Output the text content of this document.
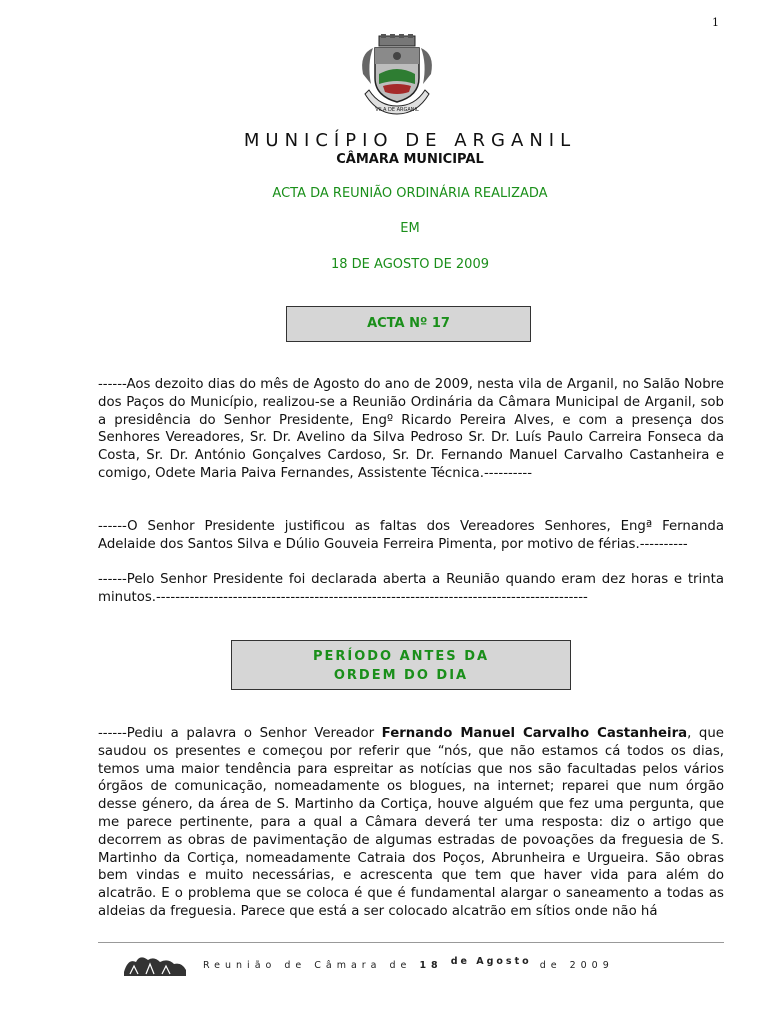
1
VILA DE ARGANIL
MUNICÍPIO DE ARGANIL
CÂMARA MUNICIPAL
ACTA DA REUNIÃO ORDINÁRIA REALIZADA
EM
18 DE AGOSTO DE 2009
ACTA Nº 17
------Aos dezoito dias do mês de Agosto do ano de 2009, nesta vila de Arganil, no Salão Nobre dos Paços do Município, realizou-se a Reunião Ordinária da Câmara Municipal de Arganil, sob a presidência do Senhor Presidente, Engº Ricardo Pereira Alves, e com a presença dos Senhores Vereadores, Sr. Dr. Avelino da Silva Pedroso Sr. Dr. Luís Paulo Carreira Fonseca da Costa, Sr. Dr. António Gonçalves Cardoso, Sr. Dr. Fernando Manuel Carvalho Castanheira e comigo, Odete Maria Paiva Fernandes, Assistente Técnica.----------
------O Senhor Presidente justificou as faltas dos Vereadores Senhores, Engª Fernanda Adelaide dos Santos Silva e Dúlio Gouveia Ferreira Pimenta, por motivo de férias.----------
------Pelo Senhor Presidente foi declarada aberta a Reunião quando eram dez horas e trinta minutos.------------------------------------------------------------------------------------------
PERÍODO ANTES DA
ORDEM DO DIA
------Pediu a palavra o Senhor Vereador Fernando Manuel Carvalho Castanheira, que saudou os presentes e começou por referir que “nós, que não estamos cá todos os dias, temos uma maior tendência para espreitar as notícias que nos são facultadas pelos vários órgãos de comunicação, nomeadamente os blogues, na internet; reparei que num órgão desse género, da área de S. Martinho da Cortiça, houve alguém que fez uma pergunta, que me parece pertinente, para a qual a Câmara deverá ter uma resposta: diz o artigo que decorrem as obras de pavimentação de algumas estradas de povoações da freguesia de S. Martinho da Cortiça, nomeadamente Catraia dos Poços, Abrunheira e Urgueira. São obras bem vindas e muito necessárias, e acrescenta que tem que haver vida para além do alcatrão. E o problema que se coloca é que é fundamental alargar o saneamento a todas as aldeias da freguesia. Parece que está a ser colocado alcatrão em sítios onde não há
Reunião de Câmara de 18 de Agosto de 2009
